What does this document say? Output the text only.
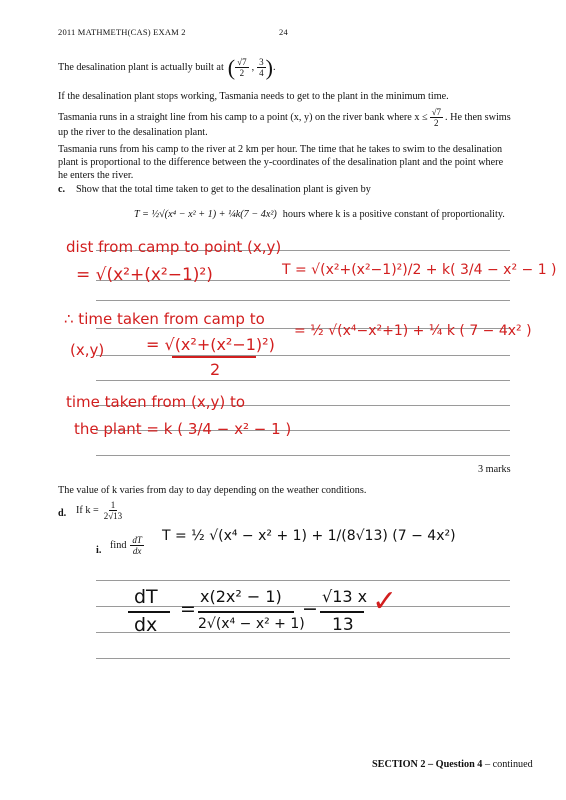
2011 MATHMETH(CAS) EXAM 2	24
The desalination plant is actually built at ( $\frac{√7}{2}$ , $\frac{3}{4}$ ) .
If the desalination plant stops working, Tasmania needs to get to the plant in the minimum time.
Tasmania runs in a straight line from his camp to a point (x, y) on the river bank where $x \le \frac{√7}{2}$ . He then swims
up the river to the desalination plant.
Tasmania runs from his camp to the river at 2 km per hour. The time that he takes to swim to the desalination
plant is proportional to the difference between the y-coordinates of the desalination plant and the point where
he enters the river.
c. Show that the total time taken to get to the desalination plant is given by
T = ½√(x⁴ − x² + 1) + ¼k(7 − 4x²) hours where k is a positive constant of proportionality.
dist from camp to point (x,y)
= √(x²+(x²−1)²)
∴ time taken from camp to
(x,y)	= √(x²+(x²−1)²)
2
time taken from (x,y) to
the plant = k ( 3/4 − x² − 1 )
T = √(x²+(x²−1)²)/2 + k( 3/4 − x² − 1 )
= ½ √(x⁴−x²+1) + ¼ k ( 7 − 4x² )
3 marks
The value of k varies from day to day depending on the weather conditions.
d. If $k = \frac{1}{2√13}$
i. find $\frac{dT}{dx}$ T = ½ √(x⁴ − x² + 1) + 1/(8√13) (7 − 4x²)
dT
dx
=
x(2x² − 1)
2√(x⁴ − x² + 1)
−
√13 x
13
✓
SECTION 2 – Question 4 – continued
